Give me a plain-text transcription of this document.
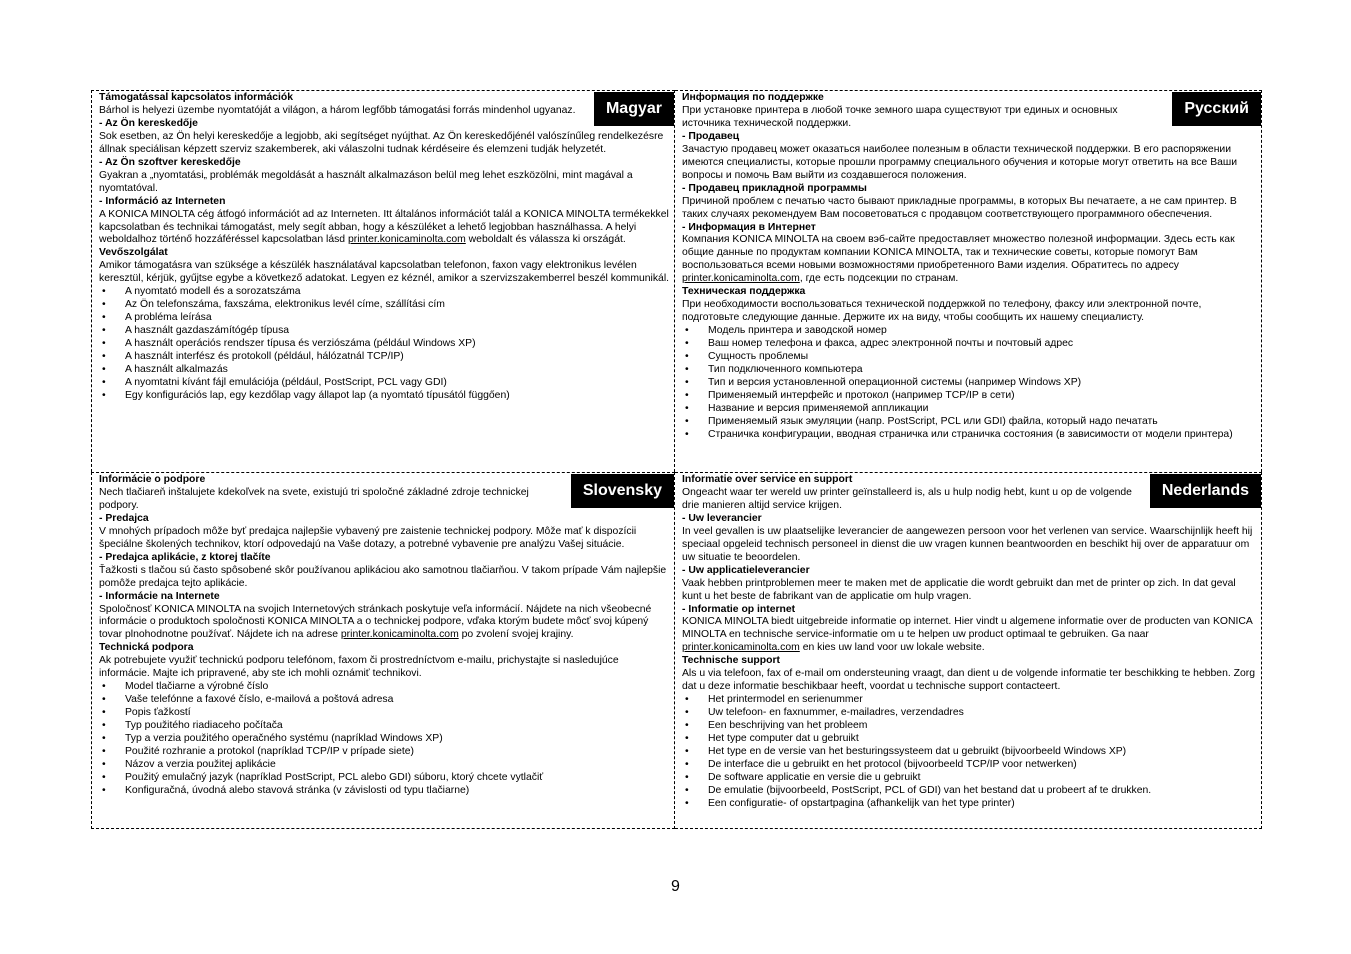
Magyar

Támogatással kapcsolatos információk

Bárhol is helyezi üzembe nyomtatóját a világon, a három legfőbb támogatási forrás mindenhol ugyanaz.

- Az Ön kereskedője

Sok esetben, az Ön helyi kereskedője a legjobb, aki segítséget nyújthat. Az Ön kereskedőjénél valószínűleg rendelkezésre állnak speciálisan képzett szerviz szakemberek, aki válaszolni tudnak kérdéseire és elemzeni tudják helyzetét.

- Az Ön szoftver kereskedője

Gyakran a „nyomtatási„ problémák megoldását a használt alkalmazáson belül meg lehet eszközölni, mint magával a nyomtatóval.

- Információ az Interneten

A KONICA MINOLTA cég átfogó információt ad az Interneten. Itt általános információt talál a KONICA MINOLTA termékekkel kapcsolatban és technikai támogatást, mely segít abban, hogy a készüléket a lehető legjobban használhassa. A helyi weboldalhoz történő hozzáféréssel kapcsolatban lásd printer.konicaminolta.com weboldalt és válassza ki országát.

Vevőszolgálat

Amikor támogatásra van szüksége a készülék használatával kapcsolatban telefonon, faxon vagy elektronikus levélen keresztül, kérjük, gyűjtse egybe a következő adatokat. Legyen ez kéznél, amikor a szervizszakemberrel beszél kommunikál.

• A nyomtató modell és a sorozatszáma
• Az Ön telefonszáma, faxszáma, elektronikus levél címe, szállítási cím
• A probléma leírása
• A használt gazdaszámítógép típusa
• A használt operációs rendszer típusa és verziószáma (például Windows XP)
• A használt interfész és protokoll (például, hálózatnál TCP/IP)
• A használt alkalmazás
• A nyomtatni kívánt fájl emulációja (például, PostScript, PCL vagy GDI)
• Egy konfigurációs lap, egy kezdőlap vagy állapot lap (a nyomtató típusától függően)
Русский

Информация по поддержке

При установке принтера в любой точке земного шара существуют три единых и основных источника технической поддержки.

- Продавец

Зачастую продавец может оказаться наиболее полезным в области технической поддержки. В его распоряжении имеются специалисты, которые прошли программу специального обучения и которые могут ответить на все Ваши вопросы и помочь Вам выйти из создавшегося положения.

- Продавец прикладной программы

Причиной проблем с печатью часто бывают прикладные программы, в которых Вы печатаете, а не сам принтер. В таких случаях рекомендуем Вам посоветоваться с продавцом соответствующего программного обеспечения.

- Информация в Интернет

Компания KONICA MINOLTA на своем вэб-сайте предоставляет множество полезной информации. Здесь есть как общие данные по продуктам компании KONICA MINOLTA, так и технические советы, которые помогут Вам воспользоваться всеми новыми возможностями приобретенного Вами изделия. Обратитесь по адресу printer.konicaminolta.com, где есть подсекции по странам.

Техническая поддержка

При необходимости воспользоваться технической поддержкой по телефону, факсу или электронной почте, подготовьте следующие данные. Держите их на виду, чтобы сообщить их нашему специалисту.

• Модель принтера и заводской номер
• Ваш номер телефона и факса, адрес электронной почты и почтовый адрес
• Сущность проблемы
• Тип подключенного компьютера
• Тип и версия установленной операционной системы (например Windows XP)
• Применяемый интерфейс и протокол (например TCP/IP в сети)
• Название и версия применяемой аппликации
• Применяемый язык эмуляции (напр. PostScript, PCL или GDI) файла, который надо печатать
• Страничка конфигурации, вводная страничка или страничка состояния (в зависимости от модели принтера)
Slovensky

Informácie o podpore

Nech tlačiareň inštalujete kdekoľvek na svete, existujú tri spoločné základné zdroje technickej podpory.

- Predajca

V mnohých prípadoch môže byť predajca najlepšie vybavený pre zaistenie technickej podpory. Môže mať k dispozícii špeciálne školených technikov, ktorí odpovedajú na Vaše dotazy, a potrebné vybavenie pre analýzu Vašej situácie.

- Predajca aplikácie, z ktorej tlačíte

Ťažkosti s tlačou sú často spôsobené skôr používanou aplikáciou ako samotnou tlačiarňou. V takom prípade Vám najlepšie pomôže predajca tejto aplikácie.

- Informácie na Internete

Spoločnosť KONICA MINOLTA na svojich Internetových stránkach poskytuje veľa informácií. Nájdete na nich všeobecné informácie o produktoch spoločnosti KONICA MINOLTA a o technickej podpore, vďaka ktorým budete môcť svoj kúpený tovar plnohodnotne používať. Nájdete ich na adrese printer.konicaminolta.com po zvolení svojej krajiny.

Technická podpora

Ak potrebujete využiť technickú podporu telefónom, faxom či prostredníctvom e-mailu, prichystajte si nasledujúce informácie. Majte ich pripravené, aby ste ich mohli oznámiť technikovi.

• Model tlačiarne a výrobné číslo
• Vaše telefónne a faxové číslo, e-mailová a poštová adresa
• Popis ťažkostí
• Typ použitého riadiaceho počítača
• Typ a verzia použitého operačného systému (napríklad Windows XP)
• Použité rozhranie a protokol (napríklad TCP/IP v prípade siete)
• Názov a verzia použitej aplikácie
• Použitý emulačný jazyk (napríklad PostScript, PCL alebo GDI) súboru, ktorý chcete vytlačiť
• Konfiguračná, úvodná alebo stavová stránka (v závislosti od typu tlačiarne)
Nederlands

Informatie over service en support

Ongeacht waar ter wereld uw printer geïnstalleerd is, als u hulp nodig hebt, kunt u op de volgende drie manieren altijd service krijgen.

- Uw leverancier

In veel gevallen is uw plaatselijke leverancier de aangewezen persoon voor het verlenen van service. Waarschijnlijk heeft hij speciaal opgeleid technisch personeel in dienst die uw vragen kunnen beantwoorden en beschikt hij over de apparatuur om uw situatie te beoordelen.

- Uw applicatieleverancier

Vaak hebben printproblemen meer te maken met de applicatie die wordt gebruikt dan met de printer op zich. In dat geval kunt u het beste de fabrikant van de applicatie om hulp vragen.

- Informatie op internet

KONICA MINOLTA biedt uitgebreide informatie op internet. Hier vindt u algemene informatie over de producten van KONICA MINOLTA en technische service-informatie om u te helpen uw product optimaal te gebruiken. Ga naar printer.konicaminolta.com en kies uw land voor uw lokale website.

Technische support

Als u via telefoon, fax of e-mail om ondersteuning vraagt, dan dient u de volgende informatie ter beschikking te hebben. Zorg dat u deze informatie beschikbaar heeft, voordat u technische support contacteert.

• Het printermodel en serienummer
• Uw telefoon- en faxnummer, e-mailadres, verzendadres
• Een beschrijving van het probleem
• Het type computer dat u gebruikt
• Het type en de versie van het besturingssysteem dat u gebruikt (bijvoorbeeld Windows XP)
• De interface die u gebruikt en het protocol (bijvoorbeeld TCP/IP voor netwerken)
• De software applicatie en versie die u gebruikt
• De emulatie (bijvoorbeeld, PostScript, PCL of GDI) van het bestand dat u probeert af te drukken.
• Een configuratie- of opstartpagina (afhankelijk van het type printer)
9
